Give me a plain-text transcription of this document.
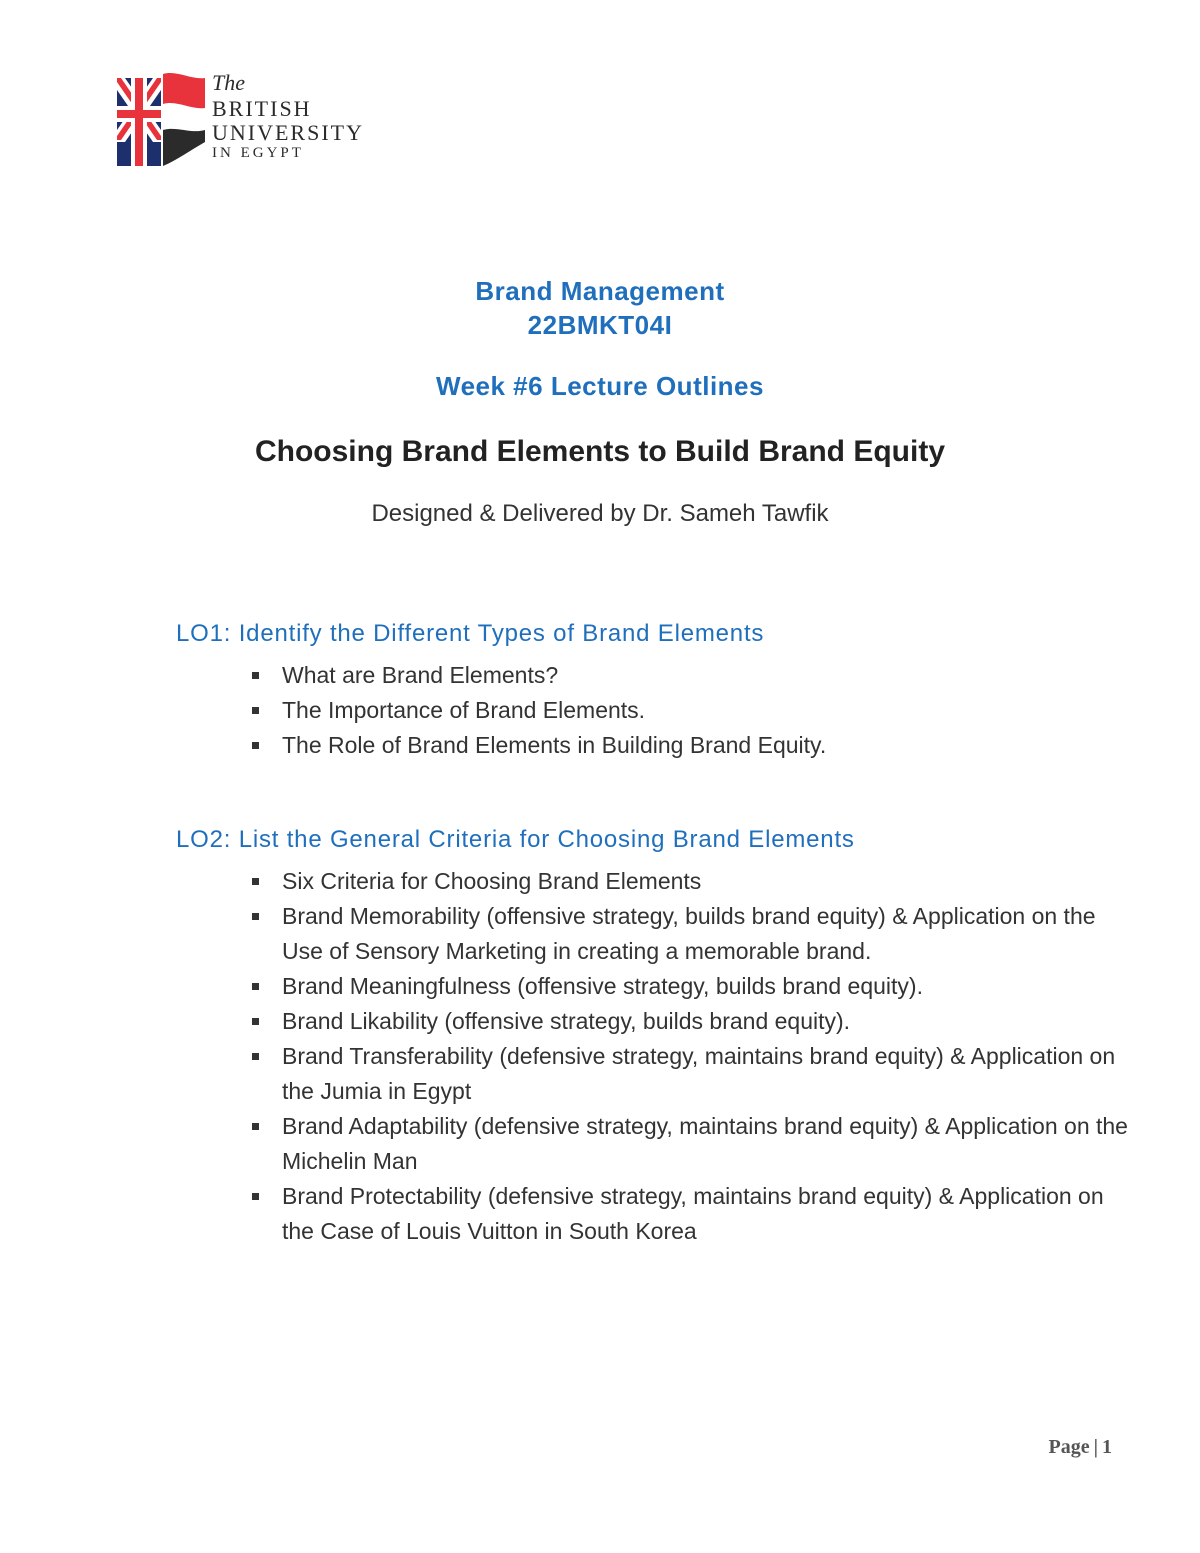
The
BRITISH
UNIVERSITY
IN EGYPT
Brand Management
22BMKT04I
Week #6 Lecture Outlines
Choosing Brand Elements to Build Brand Equity
Designed & Delivered by Dr. Sameh Tawfik
LO1: Identify the Different Types of Brand Elements
What are Brand Elements?
The Importance of Brand Elements.
The Role of Brand Elements in Building Brand Equity.
LO2: List the General Criteria for Choosing Brand Elements
Six Criteria for Choosing Brand Elements
Brand Memorability (offensive strategy, builds brand equity) & Application on the Use of Sensory Marketing in creating a memorable brand.
Brand Meaningfulness (offensive strategy, builds brand equity).
Brand Likability (offensive strategy, builds brand equity).
Brand Transferability (defensive strategy, maintains brand equity) & Application on the Jumia in Egypt
Brand Adaptability (defensive strategy, maintains brand equity) & Application on the Michelin Man
Brand Protectability (defensive strategy, maintains brand equity) & Application on the Case of Louis Vuitton in South Korea
Page | 1
